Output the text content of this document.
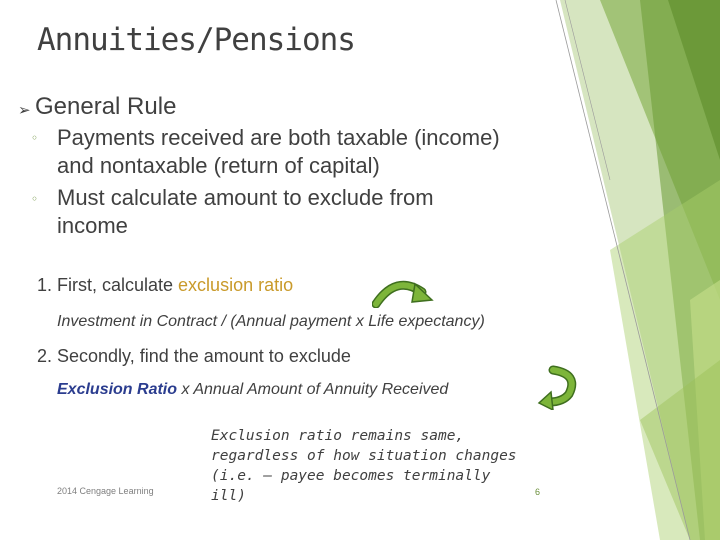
Annuities/Pensions
➢ General Rule
◦ Payments received are both taxable (income)
and nontaxable (return of capital)
◦ Must calculate amount to exclude from
income
1. First, calculate exclusion ratio
Investment in Contract / (Annual payment x Life expectancy)
2. Secondly, find the amount to exclude
Exclusion Ratio x Annual Amount of Annuity Received
Exclusion ratio remains same, regardless of how situation changes (i.e. – payee becomes terminally ill)
2014 Cengage Learning	6
